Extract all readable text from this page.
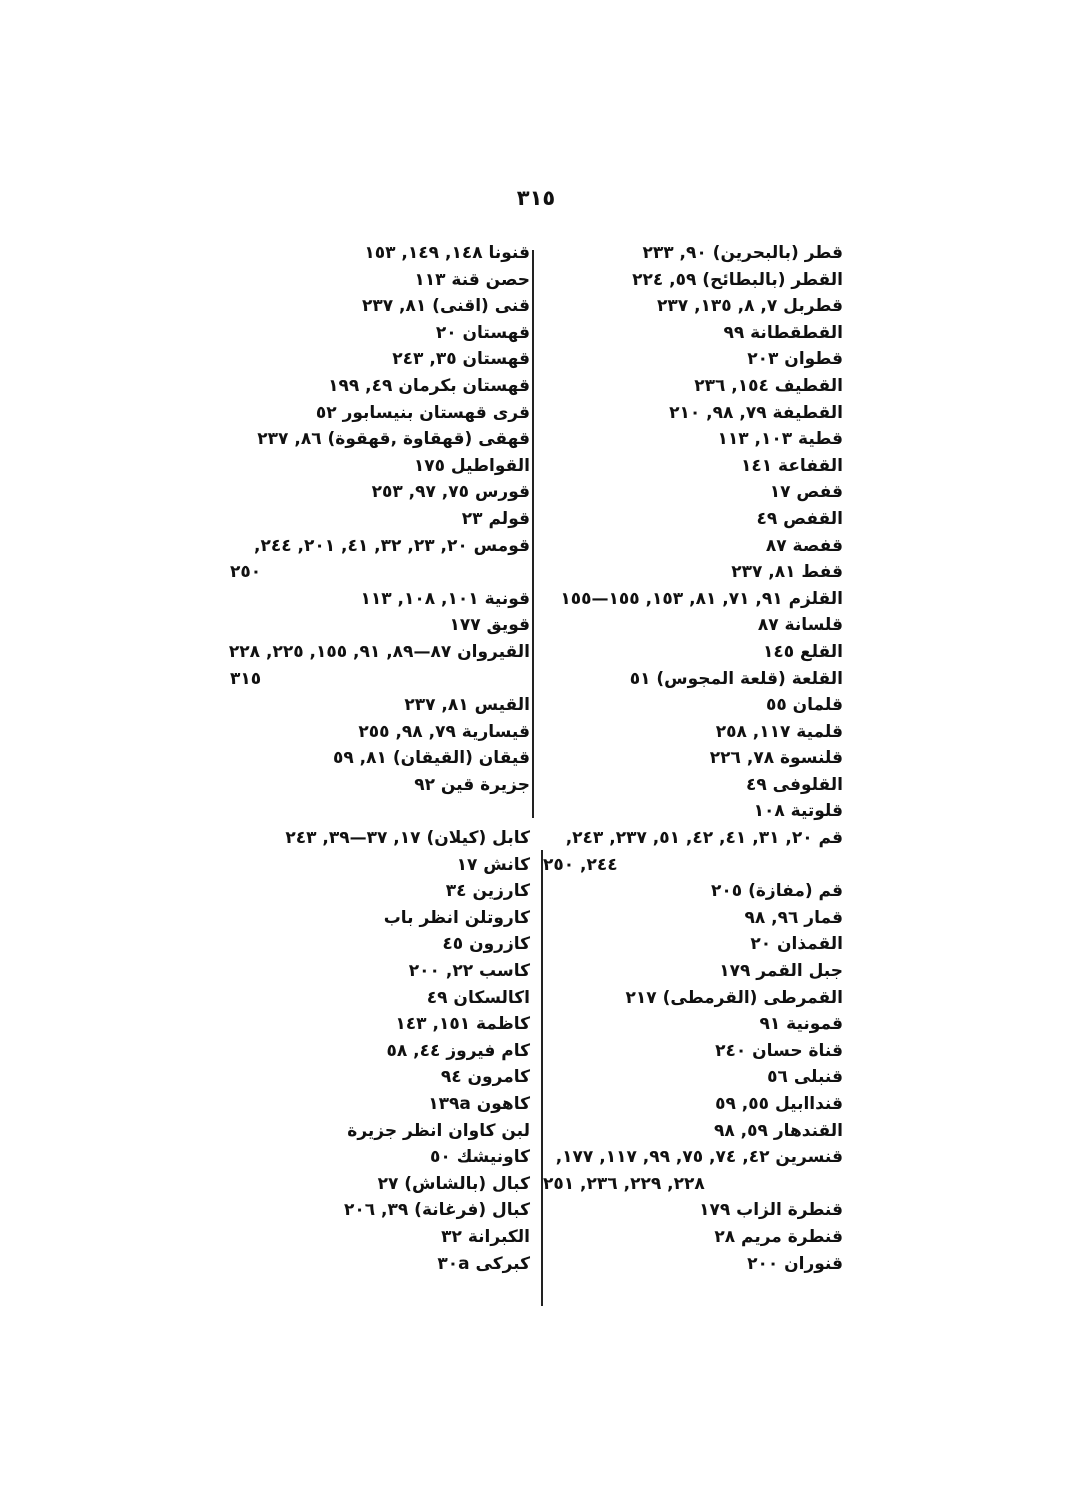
٣١٥
قطر (بالبحرين) ٩٠, ٢٣٣
القطر (بالبطائح) ٥٩, ٢٢٤
قطربل ٧, ٨, ١٣٥, ٢٣٧
القطقطانة ٩٩
قطوان ٢٠٣
القطيف ١٥٤, ٢٣٦
القطيفة ٧٩, ٩٨, ٢١٠
قطية ١٠٣, ١١٣
القفاعة ١٤١
قفص ١٧
القفص ٤٩
قفصة ٨٧
قفط ٨١, ٢٣٧
القلزم ٩١, ٧١, ٨١, ١٥٣, ١٥٥—١٥٥
قلسانة ٨٧
القلع ١٤٥
القلعة (قلعة المجوس) ٥١
قلمان ٥٥
قلمية ١١٧, ٢٥٨
قلنسوة ٧٨, ٢٢٦
القلوفى ٤٩
قلوتية ١٠٨
قم ٢٠, ٣١, ٤١, ٤٢, ٥١, ٢٣٧, ٢٤٣,
٢٤٤, ٢٥٠
قم (مفازة) ٢٠٥
قمار ٩٦, ٩٨
القمذان ٢٠
جبل القمر ١٧٩
القمرطى (القرمطى) ٢١٧
قمونية ٩١
قناة حسان ٢٤٠
قنبلى ٥٦
قنداابيل ٥٥, ٥٩
القندهار ٥٩, ٩٨
قنسرين ٤٢, ٧٤, ٧٥, ٩٩, ١١٧, ١٧٧,
٢٢٨, ٢٢٩, ٢٣٦, ٢٥١
قنطرة الزاب ١٧٩
قنطرة مريم ٢٨
قنوران ٢٠٠
قنونا ١٤٨, ١٤٩, ١٥٣
حصن قنة ١١٣
قنى (اقنى) ٨١, ٢٣٧
قهستان ٢٠
قهستان ٣٥, ٢٤٣
قهستان بكرمان ٤٩, ١٩٩
قرى قهستان بنيسابور ٥٢
قهقى (قهقاوة ,قهقوة) ٨٦, ٢٣٧
القواطيل ١٧٥
قورس ٧٥, ٩٧, ٢٥٣
قولم ٢٣
قومس ٢٠, ٢٣, ٣٢, ٤١, ٢٠١, ٢٤٤,
٢٥٠
قونية ١٠١, ١٠٨, ١١٣
قويق ١٧٧
القيروان ٨٧—٨٩, ٩١, ١٥٥, ٢٢٥, ٢٢٨
٣١٥
القيس ٨١, ٢٣٧
قيسارية ٧٩, ٩٨, ٢٥٥
قيقان (القيقان) ٨١, ٥٩
جزيرة قين ٩٢
كابل (كيلان) ١٧, ٣٧—٣٩, ٢٤٣
كانش ١٧
كارزين ٣٤
كاروتلن انظر باب
كازرون ٤٥
كاسب ٢٢, ٢٠٠
اكالسكان ٤٩
كاظمة ١٥١, ١٤٣
كام فيروز ٤٤, ٥٨
كامرون ٩٤
كاهون ١٣٩a
لبن كاوان انظر جزيرة
كاونيشك ٥٠
كبال (بالشاش) ٢٧
كبال (فرغانة) ٣٩, ٢٠٦
الكبرانة ٣٢
كبركى ٣٠a
